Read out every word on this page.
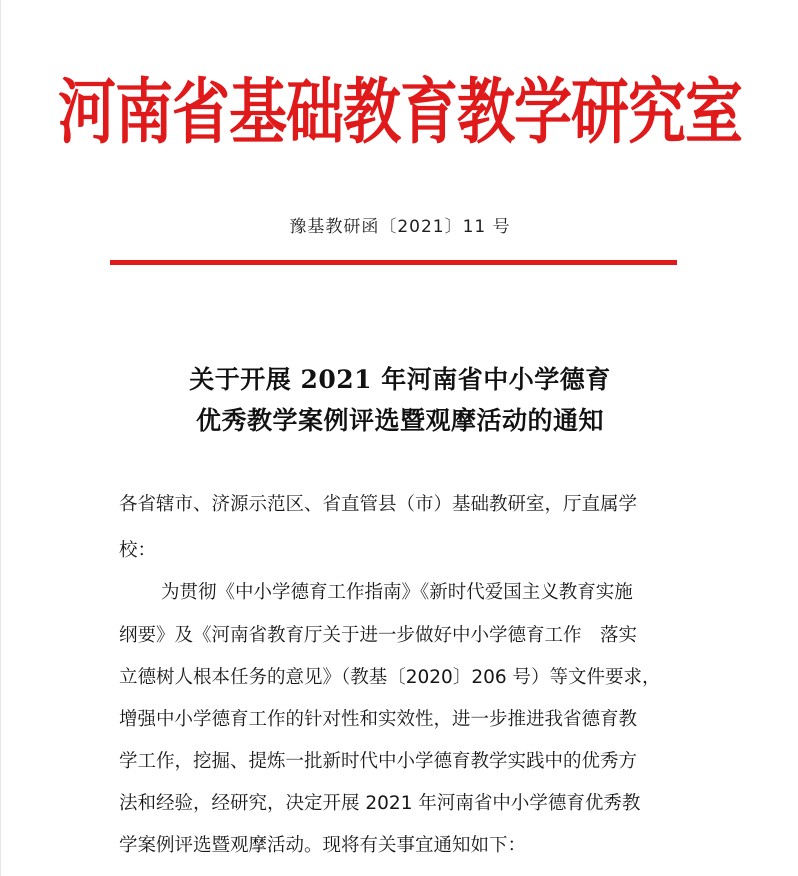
河南省基础教育教学研究室
豫基教研函〔2021〕11 号
关于开展 2021 年河南省中小学德育
优秀教学案例评选暨观摩活动的通知
各省辖市、济源示范区、省直管县（市）基础教研室，厅直属学
校：
为贯彻《中小学德育工作指南》《新时代爱国主义教育实施
纲要》及《河南省教育厅关于进一步做好中小学德育工作　落实
立德树人根本任务的意见》（教基〔2020〕206 号）等文件要求，
增强中小学德育工作的针对性和实效性，进一步推进我省德育教
学工作，挖掘、提炼一批新时代中小学德育教学实践中的优秀方
法和经验，经研究，决定开展 2021 年河南省中小学德育优秀教
学案例评选暨观摩活动。现将有关事宜通知如下：
